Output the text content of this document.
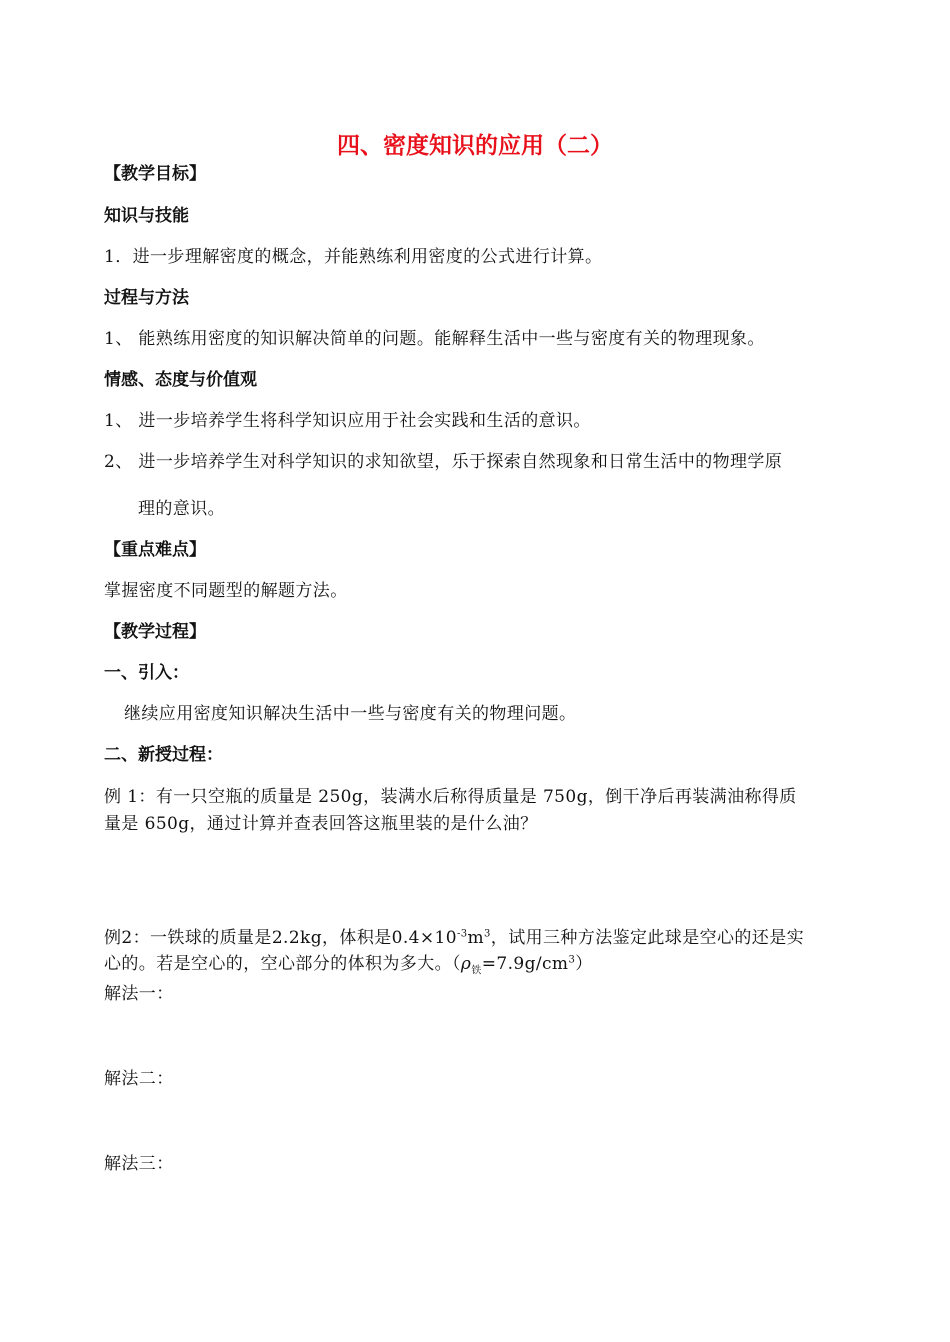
四、密度知识的应用（二）
【教学目标】
知识与技能
1．进一步理解密度的概念，并能熟练利用密度的公式进行计算。
过程与方法
1、 能熟练用密度的知识解决简单的问题。能解释生活中一些与密度有关的物理现象。
情感、态度与价值观
1、 进一步培养学生将科学知识应用于社会实践和生活的意识。
2、 进一步培养学生对科学知识的求知欲望，乐于探索自然现象和日常生活中的物理学原
理的意识。
【重点难点】
掌握密度不同题型的解题方法。
【教学过程】
一、引入：
继续应用密度知识解决生活中一些与密度有关的物理问题。
二、新授过程：
例 1：有一只空瓶的质量是 250g，装满水后称得质量是 750g，倒干净后再装满油称得质
量是 650g，通过计算并查表回答这瓶里装的是什么油？
例2：一铁球的质量是2.2kg，体积是$0.4\times 10^{-3}m^3$，试用三种方法鉴定此球是空心的还是实
心的。若是空心的，空心部分的体积为多大。$(\rho_铁=7.9g/cm^3)$
解法一：
解法二：
解法三：
